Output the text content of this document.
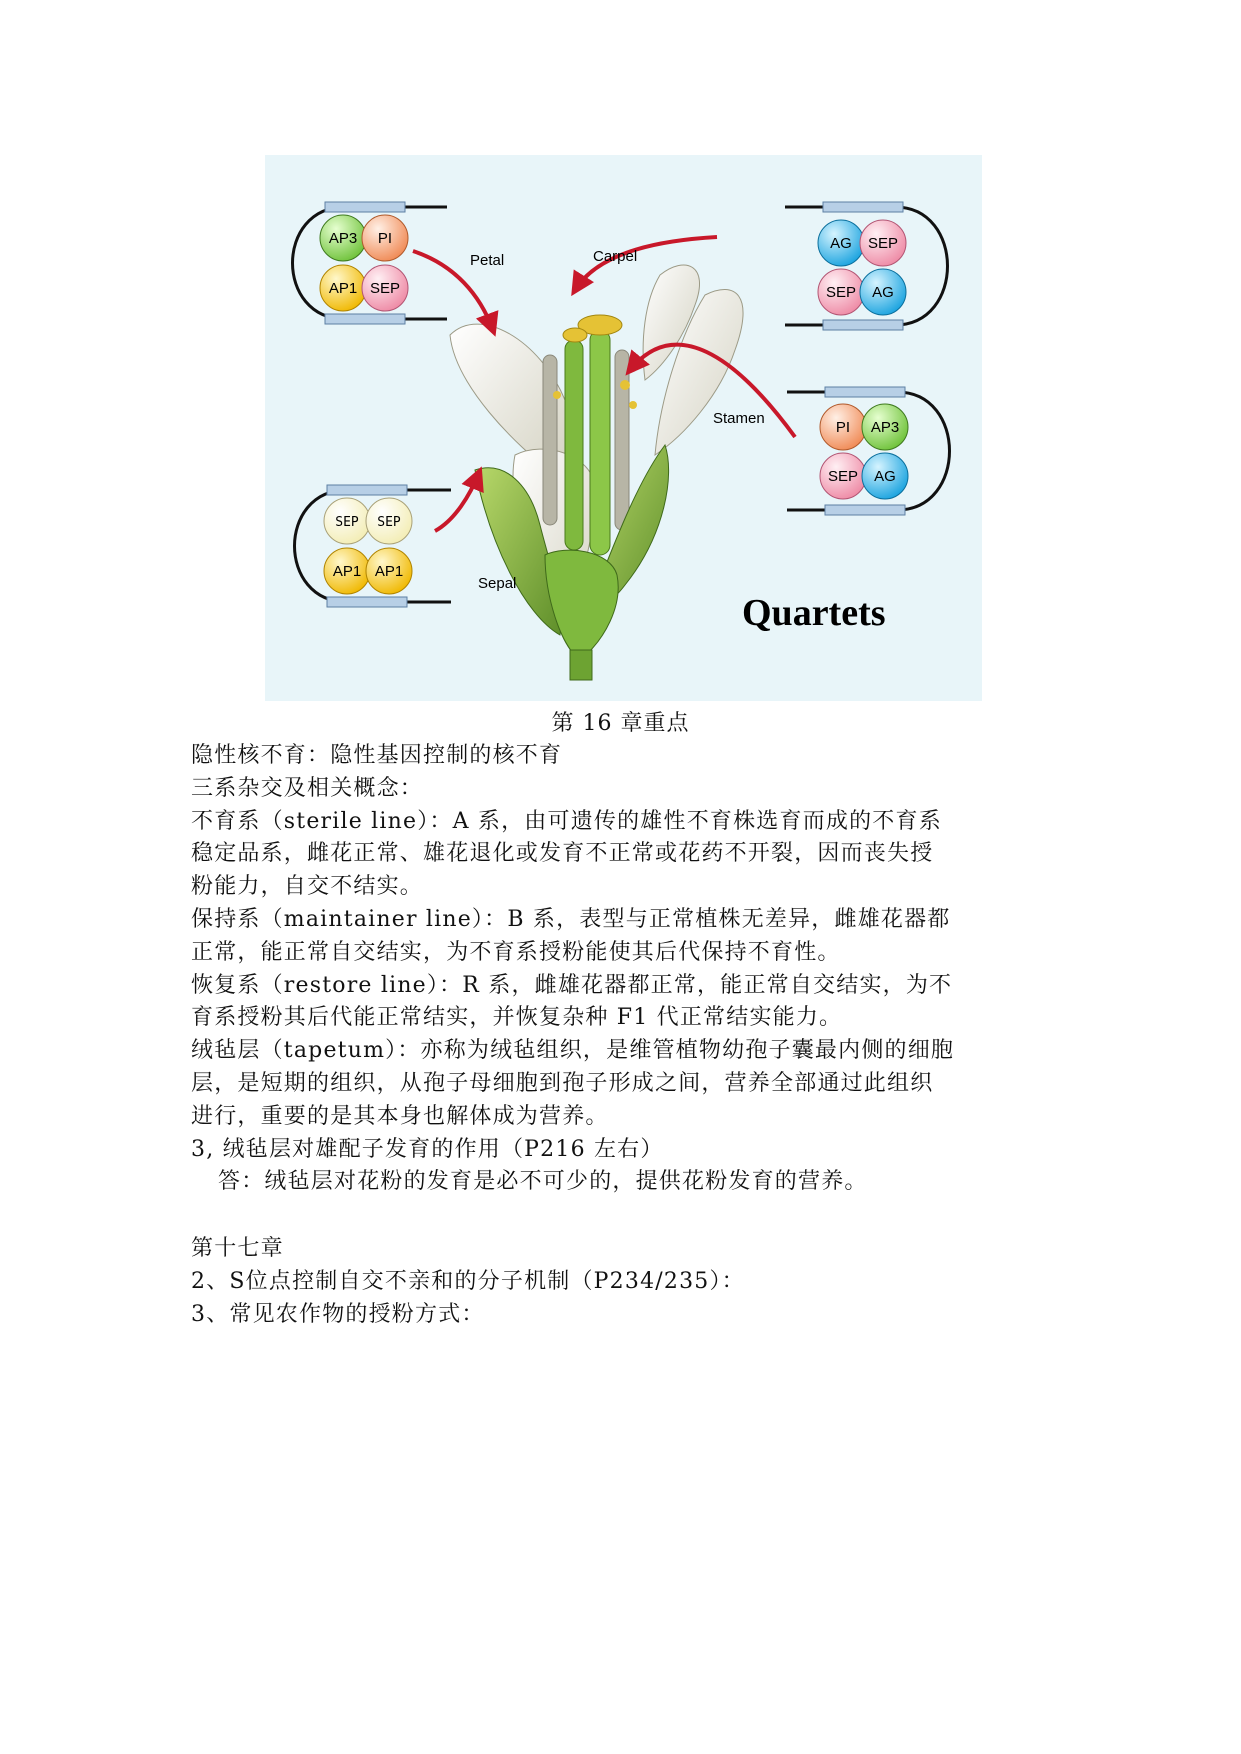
AP3 PI
AP1 SEP
AG SEP
SEP AG
PI AP3
SEP AG
SEP SEP
AP1 AP1
Petal	Carpel
Stamen
Sepal
Quartets
第 16 章重点
隐性核不育：隐性基因控制的核不育
三系杂交及相关概念：
不育系（sterile line）：A 系，由可遗传的雄性不育株选育而成的不育系
稳定品系，雌花正常、雄花退化或发育不正常或花药不开裂，因而丧失授
粉能力，自交不结实。
保持系（maintainer line）：B 系，表型与正常植株无差异，雌雄花器都
正常，能正常自交结实，为不育系授粉能使其后代保持不育性。
恢复系（restore line）：R 系，雌雄花器都正常，能正常自交结实，为不
育系授粉其后代能正常结实，并恢复杂种 F1 代正常结实能力。
绒毡层（tapetum）：亦称为绒毡组织，是维管植物幼孢子囊最内侧的细胞
层，是短期的组织，从孢子母细胞到孢子形成之间，营养全部通过此组织
进行，重要的是其本身也解体成为营养。
3, 绒毡层对雄配子发育的作用（P216 左右）
答：绒毡层对花粉的发育是必不可少的，提供花粉发育的营养。
第十七章
2、S位点控制自交不亲和的分子机制（P234/235）：
3、常见农作物的授粉方式：
